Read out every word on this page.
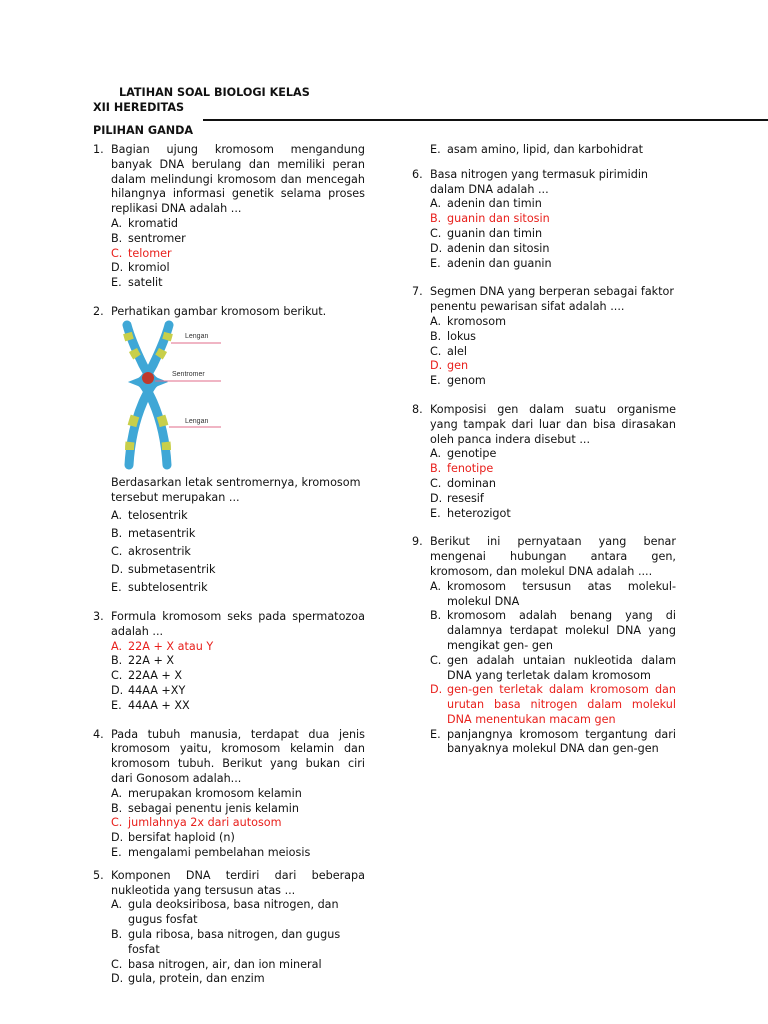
LATIHAN SOAL BIOLOGI KELAS
XII HEREDITAS
PILIHAN GANDA
1. Bagian ujung kromosom mengandung banyak DNA berulang dan memiliki peran dalam melindungi kromosom dan mencegah hilangnya informasi genetik selama proses replikasi DNA adalah ...
A. kromatid
B. sentromer
C. telomer
D. kromiol
E. satelit
2. Perhatikan gambar kromosom berikut.
Lengan
Sentromer
Lengan
Berdasarkan letak sentromernya, kromosom
tersebut merupakan ...
A. telosentrik
B. metasentrik
C. akrosentrik
D. submetasentrik
E. subtelosentrik
3. Formula kromosom seks pada spermatozoa adalah ...
A. 22A + X atau Y
B. 22A + X
C. 22AA + X
D. 44AA +XY
E. 44AA + XX
4. Pada tubuh manusia, terdapat dua jenis kromosom yaitu, kromosom kelamin dan kromosom tubuh. Berikut yang bukan ciri dari Gonosom adalah...
A. merupakan kromosom kelamin
B. sebagai penentu jenis kelamin
C. jumlahnya 2x dari autosom
D. bersifat haploid (n)
E. mengalami pembelahan meiosis
5. Komponen DNA terdiri dari beberapa nukleotida yang tersusun atas ...
A. gula deoksiribosa, basa nitrogen, dan gugus fosfat
B. gula ribosa, basa nitrogen, dan gugus fosfat
C. basa nitrogen, air, dan ion mineral
D. gula, protein, dan enzim
E. asam amino, lipid, dan karbohidrat
6. Basa nitrogen yang termasuk pirimidin dalam DNA adalah ...
A. adenin dan timin
B. guanin dan sitosin
C. guanin dan timin
D. adenin dan sitosin
E. adenin dan guanin
7. Segmen DNA yang berperan sebagai faktor penentu pewarisan sifat adalah ....
A. kromosom
B. lokus
C. alel
D. gen
E. genom
8. Komposisi gen dalam suatu organisme yang tampak dari luar dan bisa dirasakan oleh panca indera disebut ...
A. genotipe
B. fenotipe
C. dominan
D. resesif
E. heterozigot
9. Berikut ini pernyataan yang benar mengenai hubungan antara gen, kromosom, dan molekul DNA adalah ....
A. kromosom tersusun atas molekul-molekul DNA
B. kromosom adalah benang yang di dalamnya terdapat molekul DNA yang mengikat gen- gen
C. gen adalah untaian nukleotida dalam DNA yang terletak dalam kromosom
D. gen-gen terletak dalam kromosom dan urutan basa nitrogen dalam molekul DNA menentukan macam gen
E. panjangnya kromosom tergantung dari banyaknya molekul DNA dan gen-gen
